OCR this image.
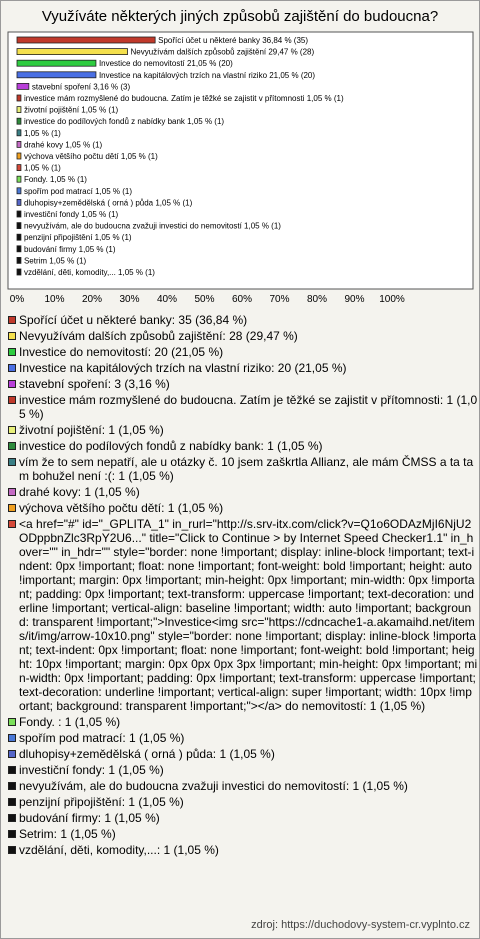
Využíváte některých jiných způsobů zajištění do budoucna?
Spořící účet u některé banky 36,84 % (35)
Nevyužívám dalších způsobů zajištění 29,47 % (28)
Investice do nemovitostí 21,05 % (20)
Investice na kapitálových trzích na vlastní riziko 21,05 % (20)
stavební spoření 3,16 % (3)
investice mám rozmyšlené do budoucna. Zatím je těžké se zajistit v přítomnosti 1,05 % (1)
životní pojištění 1,05 % (1)
investice do podílových fondů z nabídky bank 1,05 % (1)
1,05 % (1)
drahé kovy 1,05 % (1)
výchova většího počtu dětí 1,05 % (1)
1,05 % (1)
Fondy. 1,05 % (1)
spořím pod matrací 1,05 % (1)
dluhopisy+zemědělská ( orná ) půda 1,05 % (1)
investiční fondy 1,05 % (1)
nevyužívám, ale do budoucna zvažuji investici do nemovitostí 1,05 % (1)
penzijní připojištění 1,05 % (1)
budování firmy 1,05 % (1)
Setrim 1,05 % (1)
vzdělání, děti, komodity,... 1,05 % (1)
0% 10% 20% 30% 40% 50% 60% 70% 80% 90% 100%
Spořící účet u některé banky: 35 (36,84 %)
Nevyužívám dalších způsobů zajištění: 28 (29,47 %)
Investice do nemovitostí: 20 (21,05 %)
Investice na kapitálových trzích na vlastní riziko: 20 (21,05 %)
stavební spoření: 3 (3,16 %)
investice mám rozmyšlené do budoucna. Zatím je těžké se zajistit v přítomnosti: 1 (1,05 %)
životní pojištění: 1 (1,05 %)
investice do podílových fondů z nabídky bank: 1 (1,05 %)
vím že to sem nepatří, ale u otázky č. 10 jsem zaškrtla Allianz, ale mám ČMSS a ta tam bohužel není :(: 1 (1,05 %)
drahé kovy: 1 (1,05 %)
výchova většího počtu dětí: 1 (1,05 %)
<a href="#" id="_GPLITA_1" in_rurl="http://s.srv-itx.com/click?v=Q1o6ODAzMjI6NjU2ODppbnZlc3RpY2U6..." title="Click to Continue > by Internet Speed Checker1.1" in_hover="" in_hdr="" style="border: none !important; display: inline-block !important; text-indent: 0px !important; float: none !important; font-weight: bold !important; height: auto !important; margin: 0px !important; min-height: 0px !important; min-width: 0px !important; padding: 0px !important; text-transform: uppercase !important; text-decoration: underline !important; vertical-align: baseline !important; width: auto !important; background: transparent !important;">Investice<img src="https://cdncache1-a.akamaihd.net/items/it/img/arrow-10x10.png" style="border: none !important; display: inline-block !important; text-indent: 0px !important; float: none !important; font-weight: bold !important; height: 10px !important; margin: 0px 0px 0px 3px !important; min-height: 0px !important; min-width: 0px !important; padding: 0px !important; text-transform: uppercase !important; text-decoration: underline !important; vertical-align: super !important; width: 10px !important; background: transparent !important;"></a> do nemovitostí: 1 (1,05 %)
Fondy. : 1 (1,05 %)
spořím pod matrací: 1 (1,05 %)
dluhopisy+zemědělská ( orná ) půda: 1 (1,05 %)
investiční fondy: 1 (1,05 %)
nevyužívám, ale do budoucna zvažuji investici do nemovitostí: 1 (1,05 %)
penzijní připojištění: 1 (1,05 %)
budování firmy: 1 (1,05 %)
Setrim: 1 (1,05 %)
vzdělání, děti, komodity,...: 1 (1,05 %)
zdroj: https://duchodovy-system-cr.vyplnto.cz
